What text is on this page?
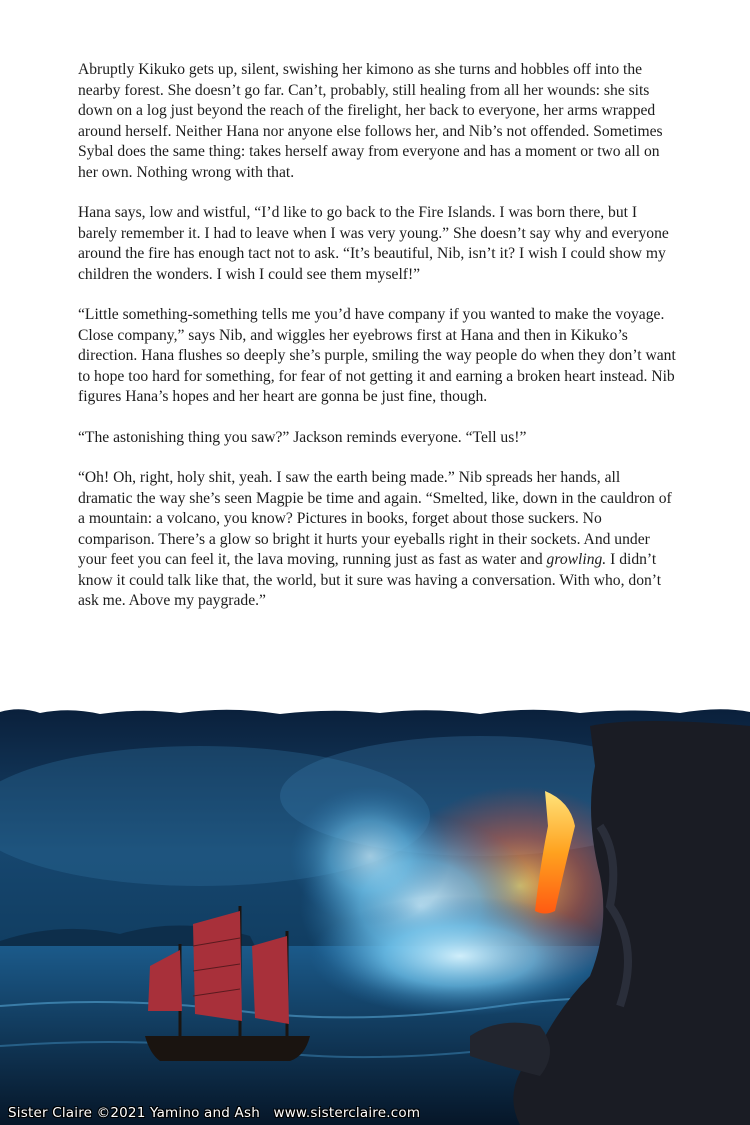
Abruptly Kikuko gets up, silent, swishing her kimono as she turns and hobbles off into the nearby forest. She doesn’t go far. Can’t, probably, still healing from all her wounds: she sits down on a log just beyond the reach of the firelight, her back to everyone, her arms wrapped around herself. Neither Hana nor anyone else follows her, and Nib’s not offended. Sometimes Sybal does the same thing: takes herself away from everyone and has a moment or two all on her own. Nothing wrong with that.

Hana says, low and wistful, “I’d like to go back to the Fire Islands. I was born there, but I barely remember it. I had to leave when I was very young.” She doesn’t say why and everyone around the fire has enough tact not to ask. “It’s beautiful, Nib, isn’t it? I wish I could show my children the wonders. I wish I could see them myself!”

“Little something-something tells me you’d have company if you wanted to make the voyage. Close company,” says Nib, and wiggles her eyebrows first at Hana and then in Kikuko’s direction. Hana flushes so deeply she’s purple, smiling the way people do when they don’t want to hope too hard for something, for fear of not getting it and earning a broken heart instead. Nib figures Hana’s hopes and her heart are gonna be just fine, though.

“The astonishing thing you saw?” Jackson reminds everyone. “Tell us!”

“Oh! Oh, right, holy shit, yeah. I saw the earth being made.” Nib spreads her hands, all dramatic the way she’s seen Magpie be time and again. “Smelted, like, down in the cauldron of a mountain: a volcano, you know? Pictures in books, forget about those suckers. No comparison. There’s a glow so bright it hurts your eyeballs right in their sockets. And under your feet you can feel it, the lava moving, running just as fast as water and growling. I didn’t know it could talk like that, the world, but it sure was having a conversation. With who, don’t ask me. Above my paygrade.”

Sister Claire ©2021 Yamino and Ash   www.sisterclaire.com
